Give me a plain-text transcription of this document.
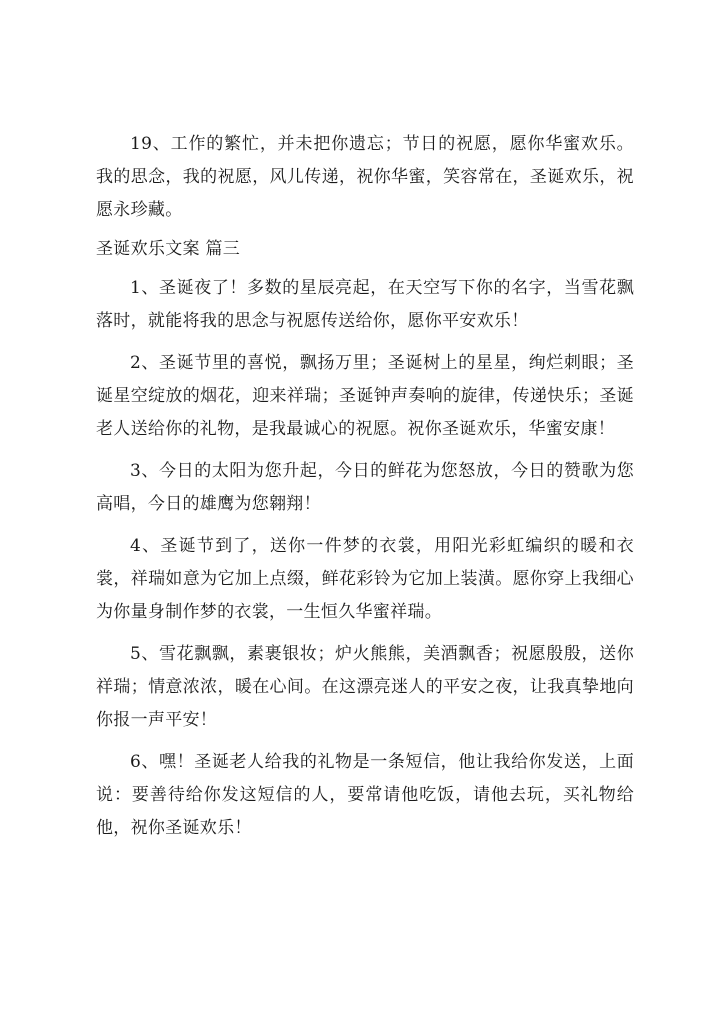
19、工作的繁忙，并未把你遗忘；节日的祝愿，愿你华蜜欢乐。我的思念，我的祝愿，风儿传递，祝你华蜜，笑容常在，圣诞欢乐，祝愿永珍藏。

圣诞欢乐文案 篇三

1、圣诞夜了！多数的星辰亮起，在天空写下你的名字，当雪花飘落时，就能将我的思念与祝愿传送给你，愿你平安欢乐！

2、圣诞节里的喜悦，飘扬万里；圣诞树上的星星，绚烂刺眼；圣诞星空绽放的烟花，迎来祥瑞；圣诞钟声奏响的旋律，传递快乐；圣诞老人送给你的礼物，是我最诚心的祝愿。祝你圣诞欢乐，华蜜安康！

3、今日的太阳为您升起，今日的鲜花为您怒放，今日的赞歌为您高唱，今日的雄鹰为您翱翔！

4、圣诞节到了，送你一件梦的衣裳，用阳光彩虹编织的暖和衣裳，祥瑞如意为它加上点缀，鲜花彩铃为它加上装潢。愿你穿上我细心为你量身制作梦的衣裳，一生恒久华蜜祥瑞。

5、雪花飘飘，素裹银妆；炉火熊熊，美酒飘香；祝愿殷殷，送你祥瑞；情意浓浓，暖在心间。在这漂亮迷人的平安之夜，让我真挚地向你报一声平安！

6、嘿！圣诞老人给我的礼物是一条短信，他让我给你发送，上面说：要善待给你发这短信的人，要常请他吃饭，请他去玩，买礼物给他，祝你圣诞欢乐！
